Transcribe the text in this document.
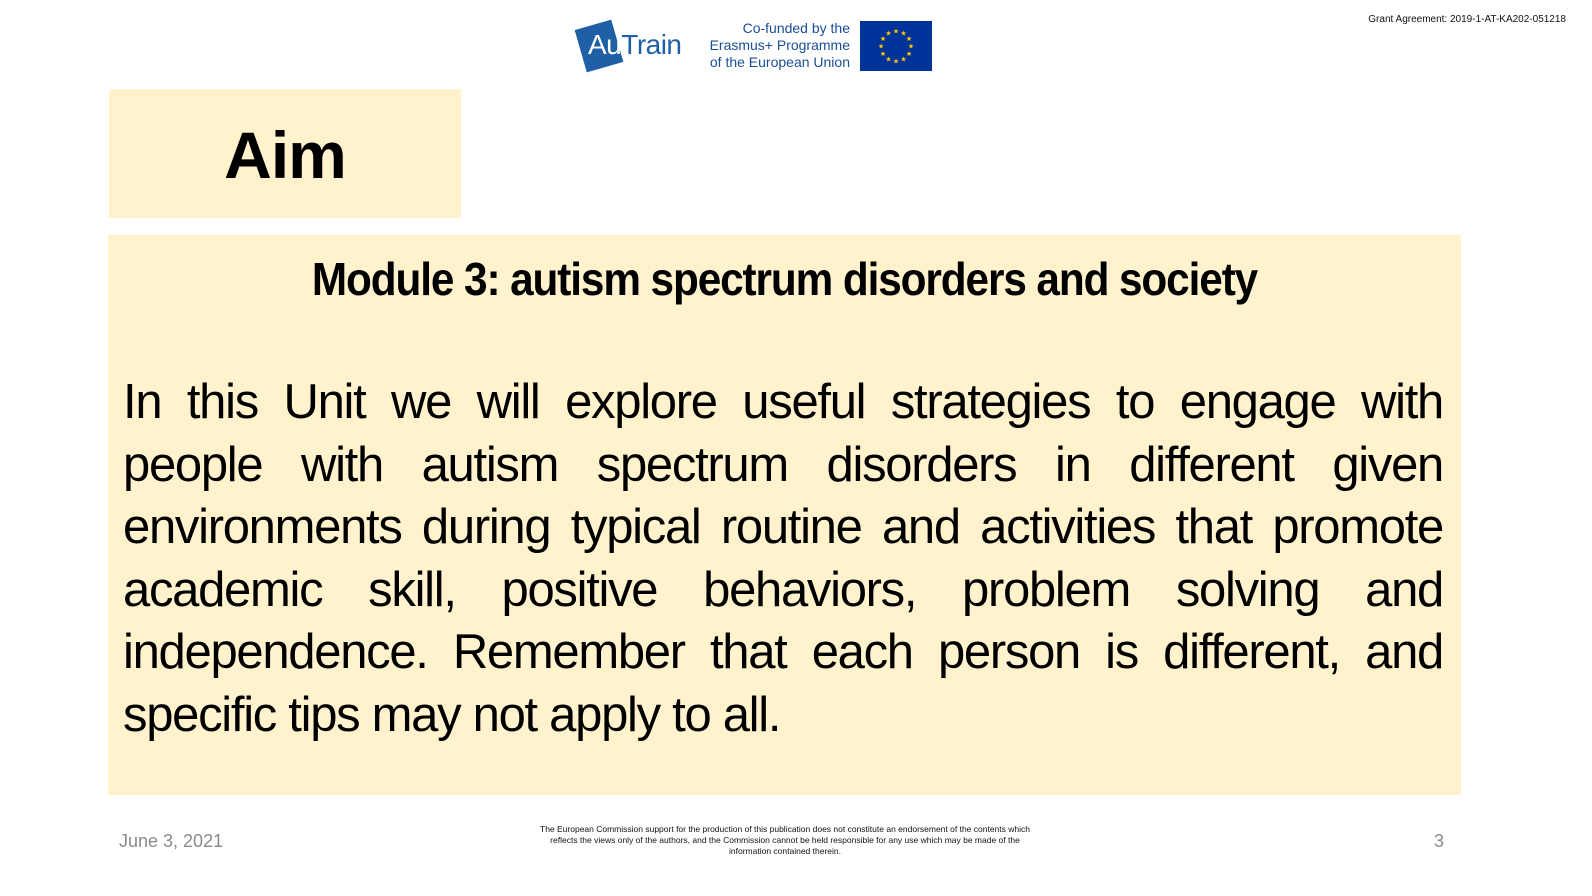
Grant Agreement: 2019-1-AT-KA202-051218
AuTrain
Co-funded by the
Erasmus+ Programme
of the European Union
★ ★
★
★
★
★
★
★
★
★
★
★
Aim
Module 3: autism spectrum disorders and society
In this Unit we will explore useful strategies to engage with people with autism spectrum disorders in different given environments during typical routine and activities that promote academic skill, positive behaviors, problem solving and independence. Remember that each person is different, and specific tips may not apply to all.
June 3, 2021
The European Commission support for the production of this publication does not constitute an endorsement of the contents which reflects the views only of the authors, and the Commission cannot be held responsible for any use which may be made of the information contained therein.	3
